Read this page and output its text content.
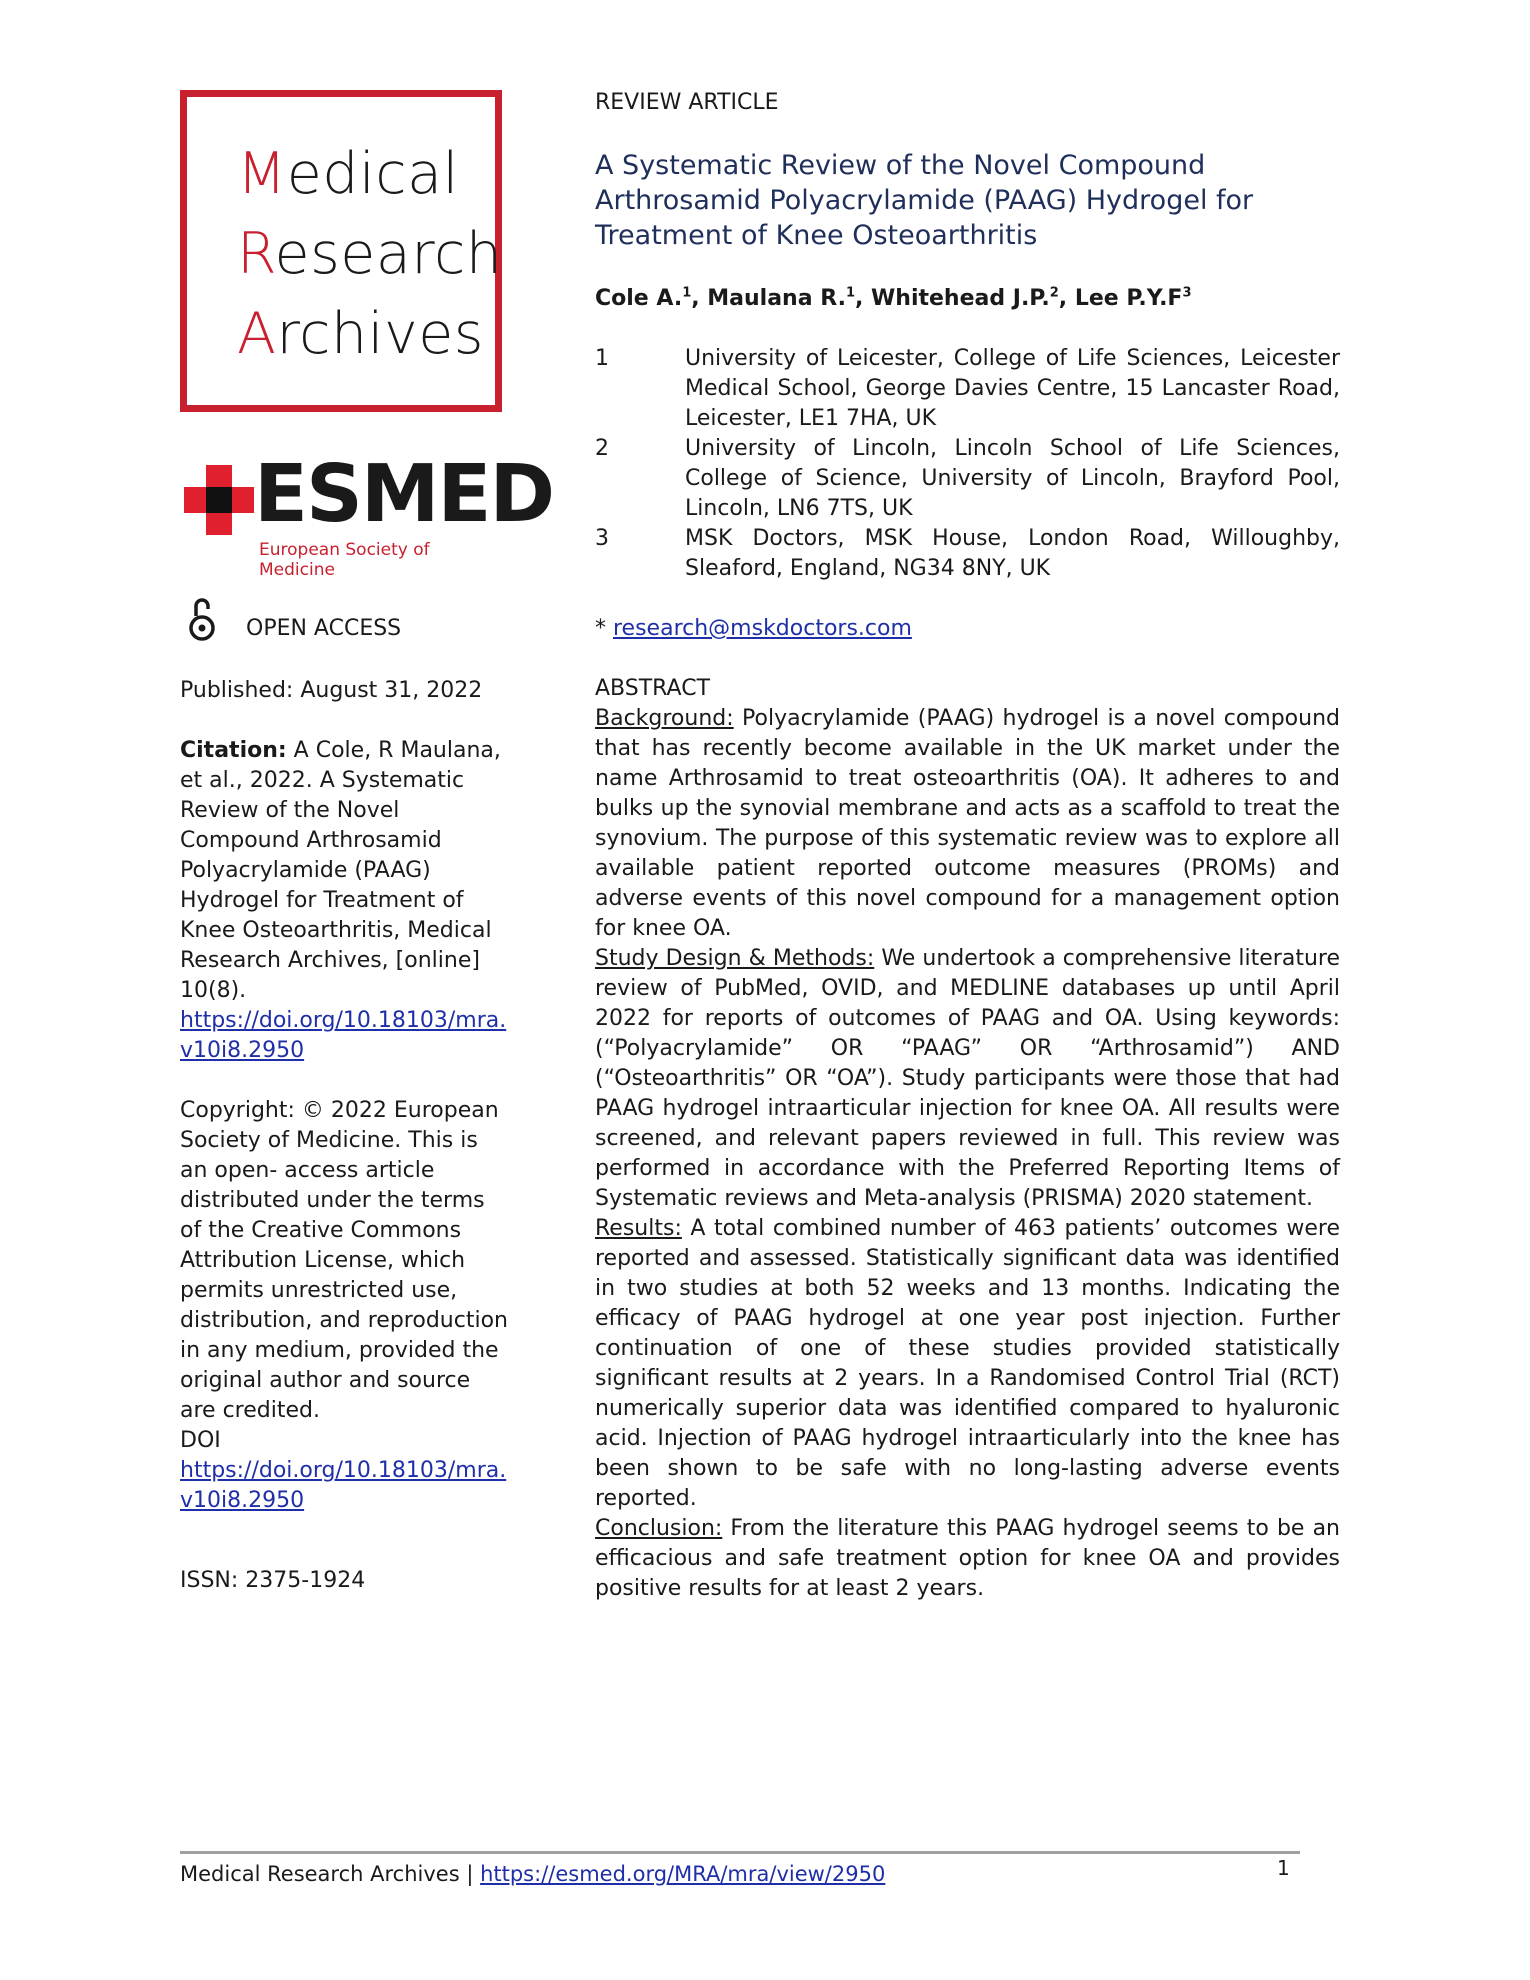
Medical
Research
Archives
ESMED
European Society of Medicine
OPEN ACCESS
Published: August 31, 2022
Citation: A Cole, R Maulana, et al., 2022. A Systematic Review of the Novel Compound Arthrosamid Polyacrylamide (PAAG) Hydrogel for Treatment of Knee Osteoarthritis, Medical Research Archives, [online] 10(8).
https://doi.org/10.18103/mra.v10i8.2950
Copyright: © 2022 European Society of Medicine. This is an open- access article distributed under the terms of the Creative Commons Attribution License, which permits unrestricted use, distribution, and reproduction in any medium, provided the original author and source are credited.
DOI
https://doi.org/10.18103/mra.v10i8.2950
ISSN: 2375-1924
REVIEW ARTICLE
A Systematic Review of the Novel Compound Arthrosamid Polyacrylamide (PAAG) Hydrogel for Treatment of Knee Osteoarthritis
Cole A.$^1$, Maulana R.$^1$, Whitehead J.P.$^2$, Lee $P.Y.F^3$
1	University of Leicester, College of Life Sciences, Leicester Medical School, George Davies Centre, 15 Lancaster Road, Leicester, LE1 7HA, UK
2	University of Lincoln, Lincoln School of Life Sciences, College of Science, University of Lincoln, Brayford Pool, Lincoln, LN6 7TS, UK
3	MSK Doctors, MSK House, London Road, Willoughby, Sleaford, England, NG34 8NY, UK
* research@mskdoctors.com
ABSTRACT

Background: Polyacrylamide (PAAG) hydrogel is a novel compound that has recently become available in the UK market under the name Arthrosamid to treat osteoarthritis (OA). It adheres to and bulks up the synovial membrane and acts as a scaffold to treat the synovium. The purpose of this systematic review was to explore all available patient reported outcome measures (PROMs) and adverse events of this novel compound for a management option for knee OA.

Study Design & Methods: We undertook a comprehensive literature review of PubMed, OVID, and MEDLINE databases up until April 2022 for reports of outcomes of PAAG and OA. Using keywords: (“Polyacrylamide” OR “PAAG” OR “Arthrosamid”) AND (“Osteoarthritis” OR “OA”). Study participants were those that had PAAG hydrogel intraarticular injection for knee OA. All results were screened, and relevant papers reviewed in full. This review was performed in accordance with the Preferred Reporting Items of Systematic reviews and Meta-analysis (PRISMA) 2020 statement.

Results: A total combined number of 463 patients’ outcomes were reported and assessed. Statistically significant data was identified in two studies at both 52 weeks and 13 months. Indicating the efficacy of PAAG hydrogel at one year post injection. Further continuation of one of these studies provided statistically significant results at 2 years. In a Randomised Control Trial (RCT) numerically superior data was identified compared to hyaluronic acid. Injection of PAAG hydrogel intraarticularly into the knee has been shown to be safe with no long-lasting adverse events reported.

Conclusion: From the literature this PAAG hydrogel seems to be an efficacious and safe treatment option for knee OA and provides positive results for at least 2 years.

Medical Research Archives | https://esmed.org/MRA/mra/view/2950	1
